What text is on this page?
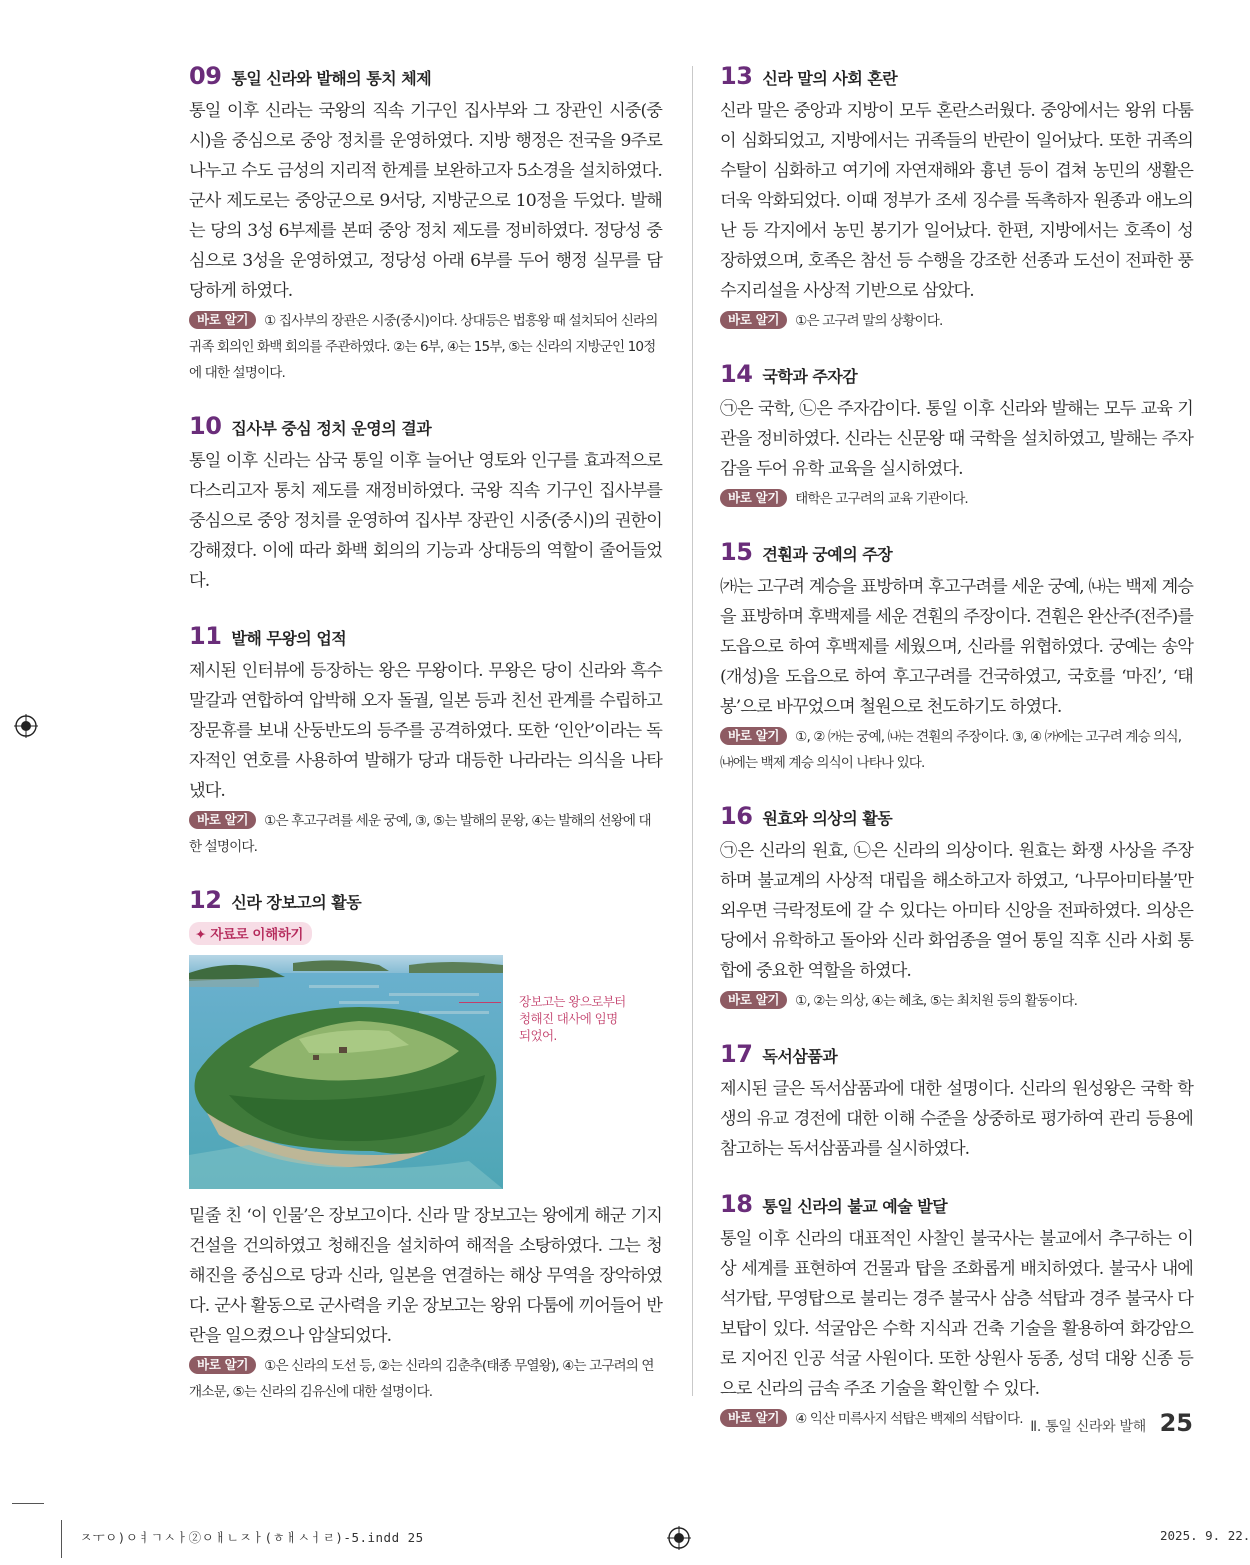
09 통일 신라와 발해의 통치 체제

통일 이후 신라는 국왕의 직속 기구인 집사부와 그 장관인 시중(중시)을 중심으로 중앙 정치를 운영하였다. 지방 행정은 전국을 9주로 나누고 수도 금성의 지리적 한계를 보완하고자 5소경을 설치하였다. 군사 제도로는 중앙군으로 9서당, 지방군으로 10정을 두었다. 발해는 당의 3성 6부제를 본떠 중앙 정치 제도를 정비하였다. 정당성 중심으로 3성을 운영하였고, 정당성 아래 6부를 두어 행정 실무를 담당하게 하였다.

바로 알기 ① 집사부의 장관은 시중(중시)이다. 상대등은 법흥왕 때 설치되어 신라의 귀족 회의인 화백 회의를 주관하였다. ②는 6부, ④는 15부, ⑤는 신라의 지방군인 10정에 대한 설명이다.

10 집사부 중심 정치 운영의 결과

통일 이후 신라는 삼국 통일 이후 늘어난 영토와 인구를 효과적으로 다스리고자 통치 제도를 재정비하였다. 국왕 직속 기구인 집사부를 중심으로 중앙 정치를 운영하여 집사부 장관인 시중(중시)의 권한이 강해졌다. 이에 따라 화백 회의의 기능과 상대등의 역할이 줄어들었다.

11 발해 무왕의 업적

제시된 인터뷰에 등장하는 왕은 무왕이다. 무왕은 당이 신라와 흑수 말갈과 연합하여 압박해 오자 돌궐, 일본 등과 친선 관계를 수립하고 장문휴를 보내 산둥반도의 등주를 공격하였다. 또한 ‘인안’이라는 독자적인 연호를 사용하여 발해가 당과 대등한 나라라는 의식을 나타냈다.

바로 알기 ①은 후고구려를 세운 궁예, ③, ⑤는 발해의 문왕, ④는 발해의 선왕에 대한 설명이다.

12 신라 장보고의 활동
✦ 자료로 이해하기
장보고는 왕으로부터 청해진 대사에 임명되었어.

밑줄 친 ‘이 인물’은 장보고이다. 신라 말 장보고는 왕에게 해군 기지 건설을 건의하였고 청해진을 설치하여 해적을 소탕하였다. 그는 청해진을 중심으로 당과 신라, 일본을 연결하는 해상 무역을 장악하였다. 군사 활동으로 군사력을 키운 장보고는 왕위 다툼에 끼어들어 반란을 일으켰으나 암살되었다.

바로 알기 ①은 신라의 도선 등, ②는 신라의 김춘추(태종 무열왕), ④는 고구려의 연개소문, ⑤는 신라의 김유신에 대한 설명이다.

13 신라 말의 사회 혼란

신라 말은 중앙과 지방이 모두 혼란스러웠다. 중앙에서는 왕위 다툼이 심화되었고, 지방에서는 귀족들의 반란이 일어났다. 또한 귀족의 수탈이 심화하고 여기에 자연재해와 흉년 등이 겹쳐 농민의 생활은 더욱 악화되었다. 이때 정부가 조세 징수를 독촉하자 원종과 애노의 난 등 각지에서 농민 봉기가 일어났다. 한편, 지방에서는 호족이 성장하였으며, 호족은 참선 등 수행을 강조한 선종과 도선이 전파한 풍수지리설을 사상적 기반으로 삼았다.

바로 알기 ①은 고구려 말의 상황이다.

14 국학과 주자감

㉠은 국학, ㉡은 주자감이다. 통일 이후 신라와 발해는 모두 교육 기관을 정비하였다. 신라는 신문왕 때 국학을 설치하였고, 발해는 주자감을 두어 유학 교육을 실시하였다.

바로 알기 태학은 고구려의 교육 기관이다.

15 견훤과 궁예의 주장

㈎는 고구려 계승을 표방하며 후고구려를 세운 궁예, ㈏는 백제 계승을 표방하며 후백제를 세운 견훤의 주장이다. 견훤은 완산주(전주)를 도읍으로 하여 후백제를 세웠으며, 신라를 위협하였다. 궁예는 송악(개성)을 도읍으로 하여 후고구려를 건국하였고, 국호를 ‘마진’, ‘태봉’으로 바꾸었으며 철원으로 천도하기도 하였다.

바로 알기 ①, ② ㈎는 궁예, ㈏는 견훤의 주장이다. ③, ④ ㈎에는 고구려 계승 의식, ㈏에는 백제 계승 의식이 나타나 있다.

16 원효와 의상의 활동

㉠은 신라의 원효, ㉡은 신라의 의상이다. 원효는 화쟁 사상을 주장하며 불교계의 사상적 대립을 해소하고자 하였고, ‘나무아미타불’만 외우면 극락정토에 갈 수 있다는 아미타 신앙을 전파하였다. 의상은 당에서 유학하고 돌아와 신라 화엄종을 열어 통일 직후 신라 사회 통합에 중요한 역할을 하였다.

바로 알기 ①, ②는 의상, ④는 혜초, ⑤는 최치원 등의 활동이다.

17 독서삼품과

제시된 글은 독서삼품과에 대한 설명이다. 신라의 원성왕은 국학 학생의 유교 경전에 대한 이해 수준을 상중하로 평가하여 관리 등용에 참고하는 독서삼품과를 실시하였다.

18 통일 신라의 불교 예술 발달

통일 이후 신라의 대표적인 사찰인 불국사는 불교에서 추구하는 이상 세계를 표현하여 건물과 탑을 조화롭게 배치하였다. 불국사 내에 석가탑, 무영탑으로 불리는 경주 불국사 삼층 석탑과 경주 불국사 다보탑이 있다. 석굴암은 수학 지식과 건축 기술을 활용하여 화강암으로 지어진 인공 석굴 사원이다. 또한 상원사 동종, 성덕 대왕 신종 등으로 신라의 금속 주조 기술을 확인할 수 있다.

바로 알기 ④ 익산 미륵사지 석탑은 백제의 석탑이다. Ⅱ. 통일 신라와 발해 25
ㅈㅜㅇ)ㅇㅕㄱㅅㅏ②ㅇㅐㄴㅈㅏ(ㅎㅐㅅㅓㄹ)-5.indd 25	2025. 9. 22.
